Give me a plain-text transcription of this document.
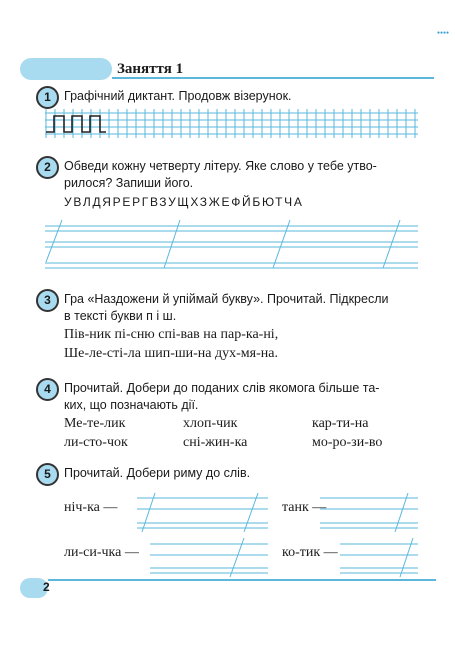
Заняття 1
●●●●
1	Графічний диктант. Продовж візерунок.
2	Обведи кожну четверту літеру. Яке слово у тебе утво-
рилося? Запиши його.
УВЛДЯРЕРГВЗУЩХЗЖЕФЙБЮТЧА
3	Гра «Наздожени й упіймай букву». Прочитай. Підкресли
в тексті букви п і ш.
Пів-ник пі-сню спі-вав на пар-ка-ні,
Ше-ле-сті-ла шип-ши-на дух-мя-на.
4	Прочитай. Добери до поданих слів якомога більше та-
ких, що позначають дії.
Ме-те-лик	хлоп-чик	кар-ти-на
ли-сто-чок	сні-жин-ка	мо-ро-зи-во
5	Прочитай. Добери риму до слів.
ніч-ка —	танк —
ли-си-чка —	ко-тик —
2
